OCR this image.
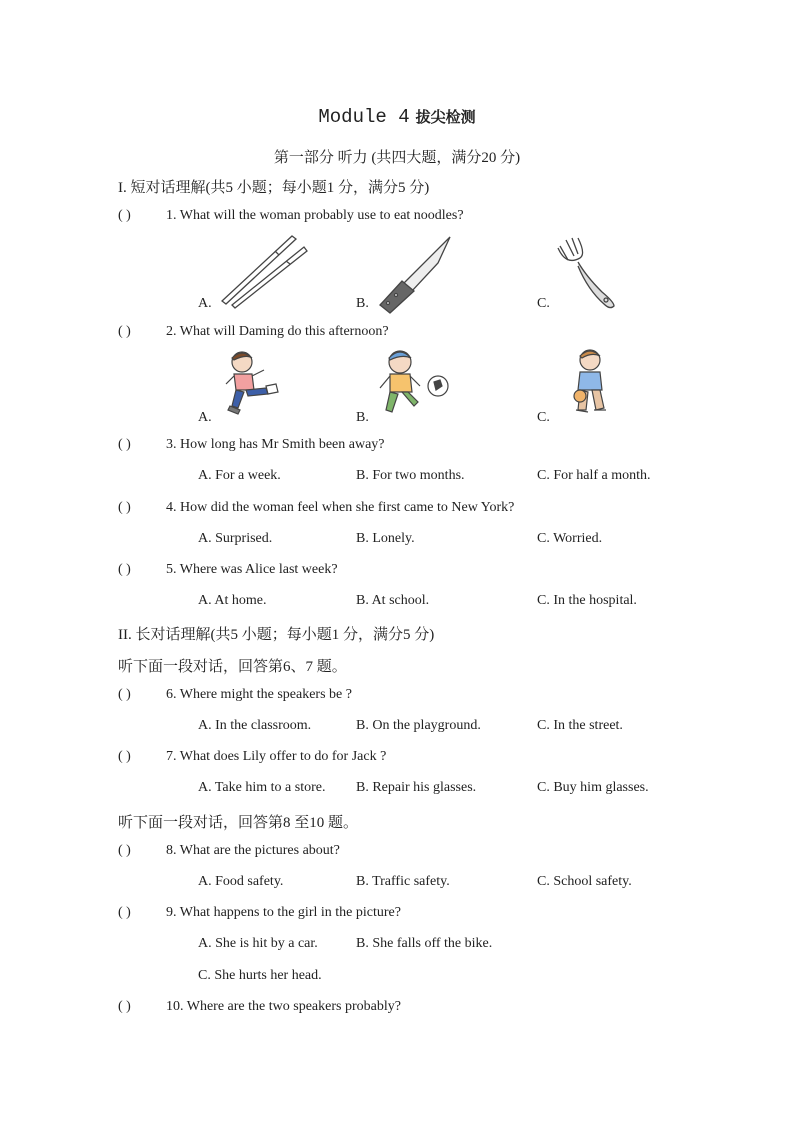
Module 4 拔尖检测
第一部分 听力 (共四大题，满分20 分)
I. 短对话理解(共5 小题；每小题1 分，满分5 分)
( )	1. What will the woman probably use to eat noodles?
A.	B.	C.
( )	2. What will Daming do this afternoon?
A.	B.	C.
( )	3. How long has Mr Smith been away?
A. For a week.	B. For two months.	C. For half a month.
( )	4. How did the woman feel when she first came to New York?
A. Surprised.	B. Lonely.	C. Worried.
( )	5. Where was Alice last week?
A. At home.	B. At school.	C. In the hospital.
II. 长对话理解(共5 小题；每小题1 分，满分5 分)
听下面一段对话，回答第6、7 题。
( )	6. Where might the speakers be ?
A. In the classroom.	B. On the playground.	C. In the street.
( )	7. What does Lily offer to do for Jack ?
A. Take him to a store. B. Repair his glasses.	C. Buy him glasses.
听下面一段对话，回答第8 至10 题。
( )	8. What are the pictures about?
A. Food safety.	B. Traffic safety.	C. School safety.
( )	9. What happens to the girl in the picture?
A. She is hit by a car.	B. She falls off the bike.
C. She hurts her head.
( )	10. Where are the two speakers probably?
